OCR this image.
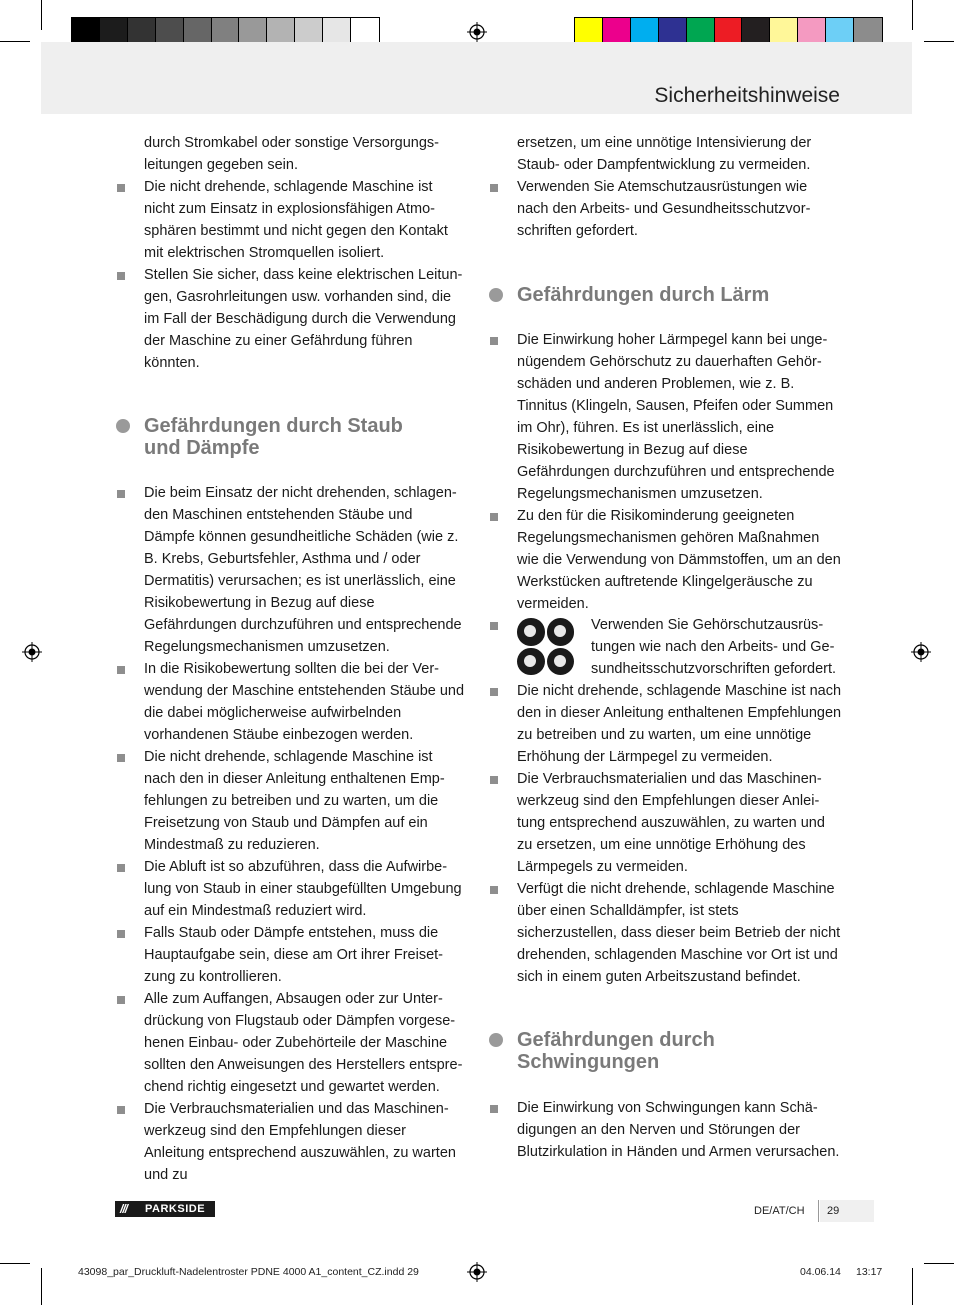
Sicherheitshinweise

durch Stromkabel oder sonstige Versorgungsleitungen gegeben sein.

Die nicht drehende, schlagende Maschine ist nicht zum Einsatz in explosionsfähigen Atmosphären bestimmt und nicht gegen den Kontakt mit elektrischen Stromquellen isoliert.

Stellen Sie sicher, dass keine elektrischen Leitungen, Gasrohrleitungen usw. vorhanden sind, die im Fall der Beschädigung durch die Verwendung der Maschine zu einer Gefährdung führen könnten.

Gefährdungen durch Staub und Dämpfe

Die beim Einsatz der nicht drehenden, schlagenden Maschinen entstehenden Stäube und Dämpfe können gesundheitliche Schäden (wie z. B. Krebs, Geburtsfehler, Asthma und / oder Dermatitis) verursachen; es ist unerlässlich, eine Risikobewertung in Bezug auf diese Gefährdungen durchzuführen und entsprechende Regelungsmechanismen umzusetzen.

In die Risikobewertung sollten die bei der Verwendung der Maschine entstehenden Stäube und die dabei möglicherweise aufwirbelnden vorhandenen Stäube einbezogen werden.

Die nicht drehende, schlagende Maschine ist nach den in dieser Anleitung enthaltenen Empfehlungen zu betreiben und zu warten, um die Freisetzung von Staub und Dämpfen auf ein Mindestmaß zu reduzieren.

Die Abluft ist so abzuführen, dass die Aufwirbelung von Staub in einer staubgefüllten Umgebung auf ein Mindestmaß reduziert wird.

Falls Staub oder Dämpfe entstehen, muss die Hauptaufgabe sein, diese am Ort ihrer Freisetzung zu kontrollieren.

Alle zum Auffangen, Absaugen oder zur Unterdrückung von Flugstaub oder Dämpfen vorgesehenen Einbau- oder Zubehörteile der Maschine sollten den Anweisungen des Herstellers entsprechend richtig eingesetzt und gewartet werden.

Die Verbrauchsmaterialien und das Maschinenwerkzeug sind den Empfehlungen dieser Anleitung entsprechend auszuwählen, zu warten und zu

ersetzen, um eine unnötige Intensivierung der Staub- oder Dampfentwicklung zu vermeiden.

Verwenden Sie Atemschutzausrüstungen wie nach den Arbeits- und Gesundheitsschutzvorschriften gefordert.

Gefährdungen durch Lärm

Die Einwirkung hoher Lärmpegel kann bei ungenügendem Gehörschutz zu dauerhaften Gehörschäden und anderen Problemen, wie z. B. Tinnitus (Klingeln, Sausen, Pfeifen oder Summen im Ohr), führen. Es ist unerlässlich, eine Risikobewertung in Bezug auf diese Gefährdungen durchzuführen und entsprechende Regelungsmechanismen umzusetzen.

Zu den für die Risikominderung geeigneten Regelungsmechanismen gehören Maßnahmen wie die Verwendung von Dämmstoffen, um an den Werkstücken auftretende Klingelgeräusche zu vermeiden.

Verwenden Sie Gehörschutzausrüstungen wie nach den Arbeits- und Gesundheitsschutzvorschriften gefordert.

Die nicht drehende, schlagende Maschine ist nach den in dieser Anleitung enthaltenen Empfehlungen zu betreiben und zu warten, um eine unnötige Erhöhung der Lärmpegel zu vermeiden.

Die Verbrauchsmaterialien und das Maschinenwerkzeug sind den Empfehlungen dieser Anleitung entsprechend auszuwählen, zu warten und zu ersetzen, um eine unnötige Erhöhung des Lärmpegels zu vermeiden.

Verfügt die nicht drehende, schlagende Maschine über einen Schalldämpfer, ist stets sicherzustellen, dass dieser beim Betrieb der nicht drehenden, schlagenden Maschine vor Ort ist und sich in einem guten Arbeitszustand befindet.

Gefährdungen durch Schwingungen

Die Einwirkung von Schwingungen kann Schädigungen an den Nerven und Störungen der Blutzirkulation in Händen und Armen verursachen.

/// PARKSIDE	DE/AT/CH 29
43098_par_Druckluft-Nadelentroster PDNE 4000 A1_content_CZ.indd 29	04.06.14 13:17
